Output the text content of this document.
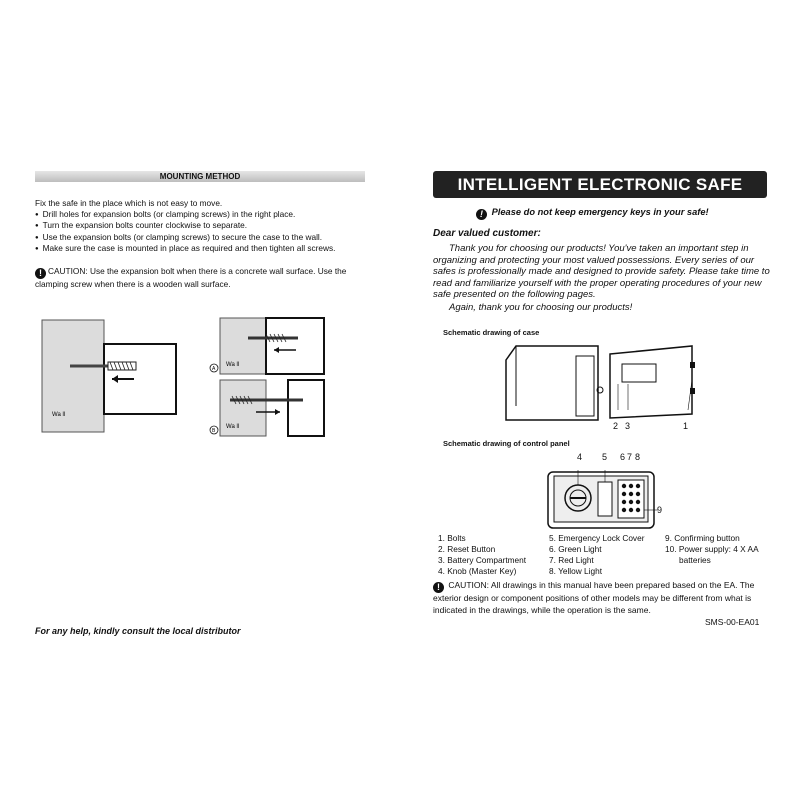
MOUNTING METHOD
Fix the safe in the place which is not easy to move.
● Drill holes for expansion bolts (or clamping screws) in the right place.
● Turn the expansion bolts counter clockwise to separate.
● Use the expansion bolts (or clamping screws) to secure the case to the wall.
● Make sure the case is mounted in place as required and then tighten all screws.
! CAUTION: Use the expansion bolt when there is a concrete wall surface. Use the
clamping screw when there is a wooden wall surface.
Wa ll
Wa ll
A
Wa ll
B
For any help, kindly consult the local distributor
INTELLIGENT ELECTRONIC SAFE
! Please do not keep emergency keys in your safe!
Dear valued customer:

Thank you for choosing our products! You've taken an important step in organizing and protecting your most valued possessions. Every series of our safes is professionally made and designed to provide safety. Please take time to read and familiarize yourself with the proper operating procedures of your new safe presented on the following pages.

Again, thank you for choosing our products!
Schematic drawing of case
2 3	1
Schematic drawing of control panel
4 5 6 7 8
9
1. Bolts
2. Reset Button
3. Battery Compartment
4. Knob (Master Key)
5. Emergency Lock Cover
6. Green Light
7. Red Light
8. Yellow Light
9. Confirming button
10. Power supply: 4 X AA
batteries
! CAUTION: All drawings in this manual have been prepared based on the EA. The exterior design or component positions of other models may be different from what is indicated in the drawings, while the operation is the same.
SMS-00-EA01
